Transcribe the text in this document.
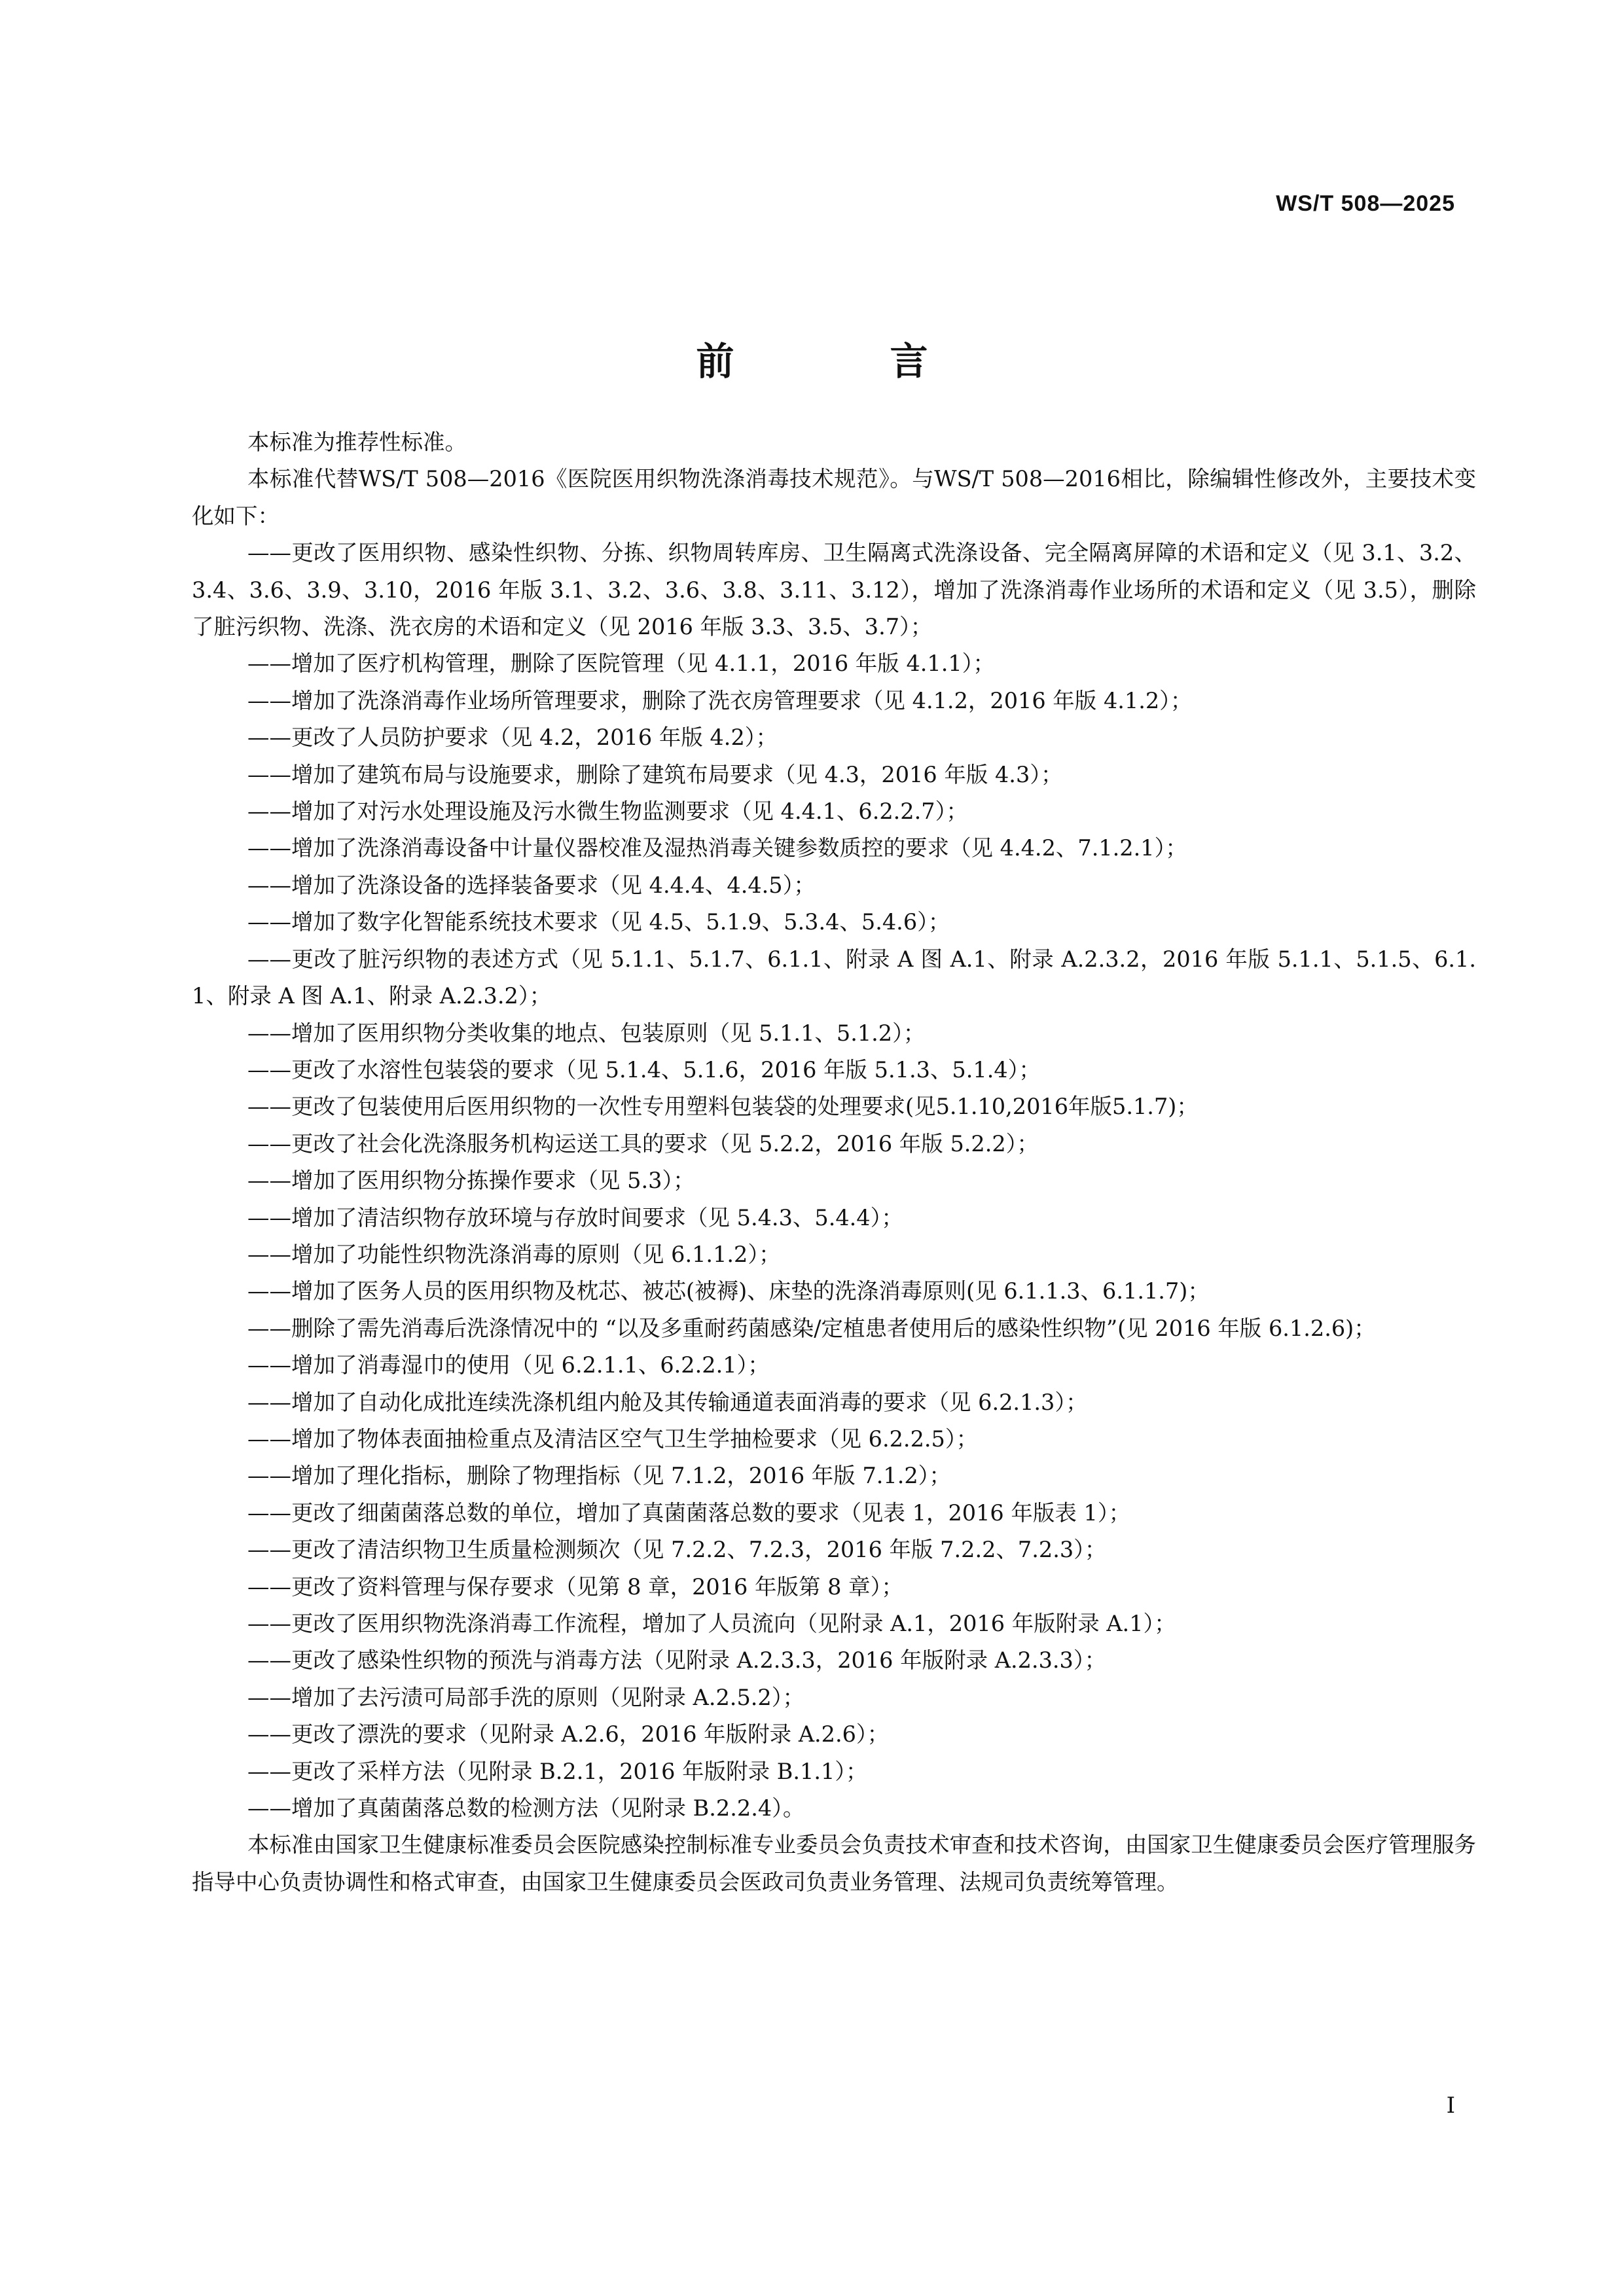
WS/T 508—2025
前　言

本标准为推荐性标准。

本标准代替WS/T 508—2016《医院医用织物洗涤消毒技术规范》。与WS/T 508—2016相比，除编辑性修改外，主要技术变化如下：

——更改了医用织物、感染性织物、分拣、织物周转库房、卫生隔离式洗涤设备、完全隔离屏障的术语和定义（见 3.1、3.2、3.4、3.6、3.9、3.10，2016 年版 3.1、3.2、3.6、3.8、3.11、3.12），增加了洗涤消毒作业场所的术语和定义（见 3.5），删除了脏污织物、洗涤、洗衣房的术语和定义（见 2016 年版 3.3、3.5、3.7）；

——增加了医疗机构管理，删除了医院管理（见 4.1.1，2016 年版 4.1.1）；

——增加了洗涤消毒作业场所管理要求，删除了洗衣房管理要求（见 4.1.2，2016 年版 4.1.2）；

——更改了人员防护要求（见 4.2，2016 年版 4.2）；

——增加了建筑布局与设施要求，删除了建筑布局要求（见 4.3，2016 年版 4.3）；

——增加了对污水处理设施及污水微生物监测要求（见 4.4.1、6.2.2.7）；

——增加了洗涤消毒设备中计量仪器校准及湿热消毒关键参数质控的要求（见 4.4.2、7.1.2.1）；

——增加了洗涤设备的选择装备要求（见 4.4.4、4.4.5）；

——增加了数字化智能系统技术要求（见 4.5、5.1.9、5.3.4、5.4.6）；

——更改了脏污织物的表述方式（见 5.1.1、5.1.7、6.1.1、附录 A 图 A.1、附录 A.2.3.2，2016 年版 5.1.1、5.1.5、6.1.1、附录 A 图 A.1、附录 A.2.3.2）；

——增加了医用织物分类收集的地点、包装原则（见 5.1.1、5.1.2）；

——更改了水溶性包装袋的要求（见 5.1.4、5.1.6，2016 年版 5.1.3、5.1.4）；

——更改了包装使用后医用织物的一次性专用塑料包装袋的处理要求(见5.1.10,2016年版5.1.7)；

——更改了社会化洗涤服务机构运送工具的要求（见 5.2.2，2016 年版 5.2.2）；

——增加了医用织物分拣操作要求（见 5.3）；

——增加了清洁织物存放环境与存放时间要求（见 5.4.3、5.4.4）；

——增加了功能性织物洗涤消毒的原则（见 6.1.1.2）；

——增加了医务人员的医用织物及枕芯、被芯(被褥)、床垫的洗涤消毒原则(见 6.1.1.3、6.1.1.7)；

——删除了需先消毒后洗涤情况中的 “以及多重耐药菌感染/定植患者使用后的感染性织物”(见 2016 年版 6.1.2.6)；

——增加了消毒湿巾的使用（见 6.2.1.1、6.2.2.1）；

——增加了自动化成批连续洗涤机组内舱及其传输通道表面消毒的要求（见 6.2.1.3）；

——增加了物体表面抽检重点及清洁区空气卫生学抽检要求（见 6.2.2.5）；

——增加了理化指标，删除了物理指标（见 7.1.2，2016 年版 7.1.2）；

——更改了细菌菌落总数的单位，增加了真菌菌落总数的要求（见表 1，2016 年版表 1）；

——更改了清洁织物卫生质量检测频次（见 7.2.2、7.2.3，2016 年版 7.2.2、7.2.3）；

——更改了资料管理与保存要求（见第 8 章，2016 年版第 8 章）；

——更改了医用织物洗涤消毒工作流程，增加了人员流向（见附录 A.1，2016 年版附录 A.1）；

——更改了感染性织物的预洗与消毒方法（见附录 A.2.3.3，2016 年版附录 A.2.3.3）；

——增加了去污渍可局部手洗的原则（见附录 A.2.5.2）；

——更改了漂洗的要求（见附录 A.2.6，2016 年版附录 A.2.6）；

——更改了采样方法（见附录 B.2.1，2016 年版附录 B.1.1）；

——增加了真菌菌落总数的检测方法（见附录 B.2.2.4）。

本标准由国家卫生健康标准委员会医院感染控制标准专业委员会负责技术审查和技术咨询，由国家卫生健康委员会医疗管理服务指导中心负责协调性和格式审查，由国家卫生健康委员会医政司负责业务管理、法规司负责统筹管理。

I
